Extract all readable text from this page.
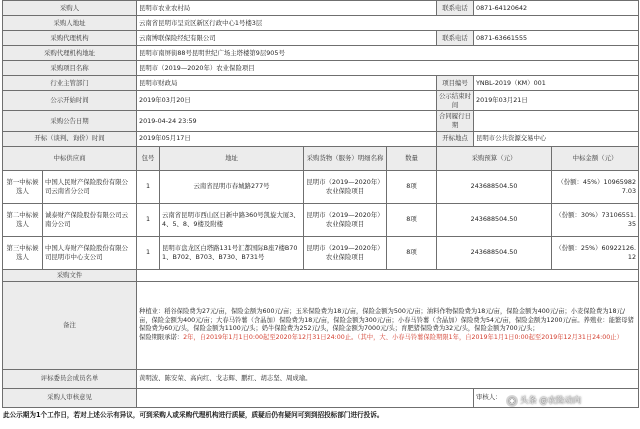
采购人		昆明市农业农村局				联系电话	0871-64120642	
采购人地址		云南省昆明市呈贡区新区行政中心1号楼3层						
采购代理机构		云南博联保险经纪有限公司				联系电话	0871-63661555	
采购代理机构地址		昆明市南屏街88号昆明世纪广场主塔楼第9层905号						
采购项目名称		昆明市（2019—2020年）农业保险项目						
行业主管部门		昆明市财政局				项目编号	YNBL-2019（KM）001	
公示开始时间		2019年03月20日				公示结束时间	2019年03月21日	
采购公告日期		2019-04-24 23:59				合同履行日期		
开标（谈判、询价）时间		2019年05月17日				开标地点	昆明市公共资源交易中心	
中标供应商		包号	地址	采购货物（服务）明细名称	数量	采购预算（元）		中标金额（元）
第一中标候选人	中国人民财产保险股份有限公司云南省分公司	1	云南省昆明市春城路277号	昆明市（2019—2020年）农业保险项目	8项	243688504.50		（份额：45%）109659827.03
第二中标候选人	诚泰财产保险股份有限公司云南分公司	1	云南省昆明市西山区日新中路360号凯旋大厦3、4、5、8、9楼及附楼	昆明市（2019—2020年）农业保险项目	8项	243688504.50		（份额：30%）73106551.35
第三中标候选人	中国人寿财产保险股份有限公司昆明市中心支公司	1	昆明市盘龙区白塔路131号汇都国际B座7楼B701、B702、B703、B730、B731号	昆明市（2019—2020年）农业保险项目	8项	243688504.50		（份额：25%）60922126.12
采购文件								
备注		种植业：稻谷保险费为27元/亩，保险金额为600元/亩；玉米保险费为18元/亩，保险金额为500元/亩；油料作物保险费为18元/亩，保险金额为400元/亩；小麦保险费为18元/亩，保险金额为400元/亩；大春马铃薯（含晶加）保险费为18元/亩，保险金额为300元/亩；小春马铃薯（含晶加）保险费为54元/亩，保险金额为1200元/亩。养殖业：能繁母猪保险费为60元/头，保险金额为1100元/头；奶牛保险费为252元/头，保险金额为7000元/头；育肥猪保险费为32元/头，保险金额为700元/头；
保险期限承诺：2年，自2019年1月1日0:00起至2020年12月31日24:00止。（其中，大、小春马铃薯保险期限1年，自2019年1月1日0:00起至2019年12月31日24:00止）						
评标委员会成员名单		黄明波、陈安荣、高向红、戈志辉、鹏红、胡志坚、周成瑜。						
采购人审核意见							审核人：	
此公示期为1个工作日，若对上述公示有异议，可到采购人或采购代理机构进行质疑，质疑后仍有疑问可到到招投标部门进行投诉。
◉ 头条 @农险动向
